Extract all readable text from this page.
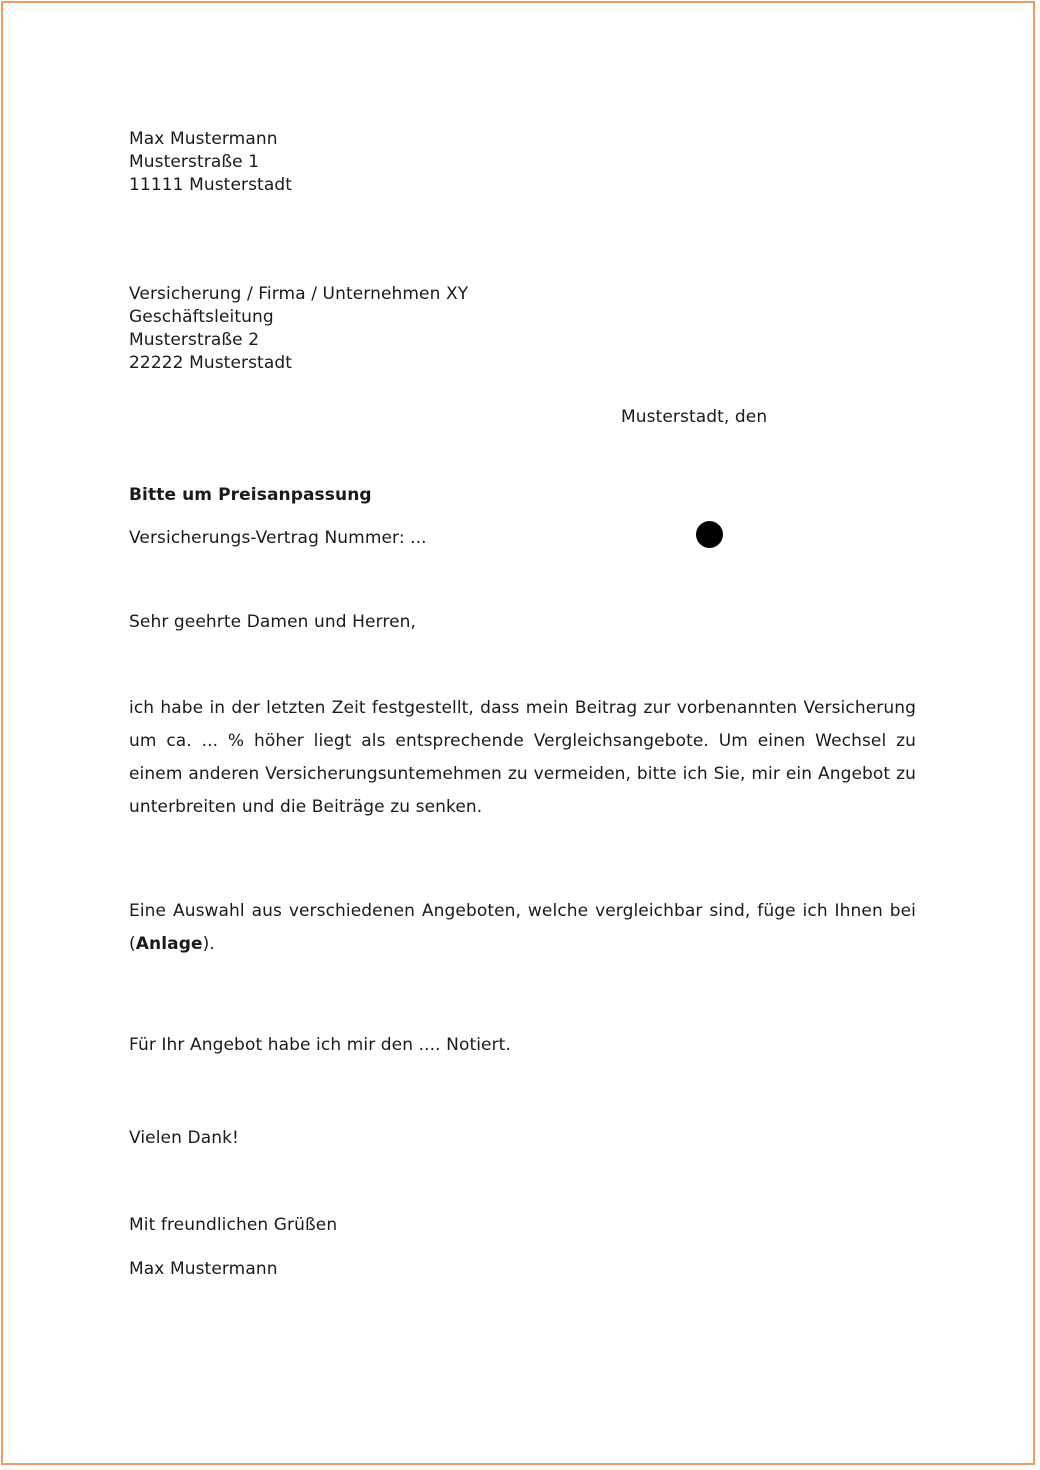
Max Mustermann
Musterstraße 1
11111 Musterstadt
Versicherung / Firma / Unternehmen XY
Geschäftsleitung
Musterstraße 2
22222 Musterstadt
Musterstadt, den
Bitte um Preisanpassung
Versicherungs-Vertrag Nummer: ...
Sehr geehrte Damen und Herren,
ich habe in der letzten Zeit festgestellt, dass mein Beitrag zur vorbenannten Versicherung um ca. ... % höher liegt als entsprechende Vergleichsangebote. Um einen Wechsel zu einem anderen Versicherungsuntemehmen zu vermeiden, bitte ich Sie, mir ein Angebot zu unterbreiten und die Beiträge zu senken.
Eine Auswahl aus verschiedenen Angeboten, welche vergleichbar sind, füge ich Ihnen bei (Anlage).
Für Ihr Angebot habe ich mir den .... Notiert.
Vielen Dank!
Mit freundlichen Grüßen
Max Mustermann
